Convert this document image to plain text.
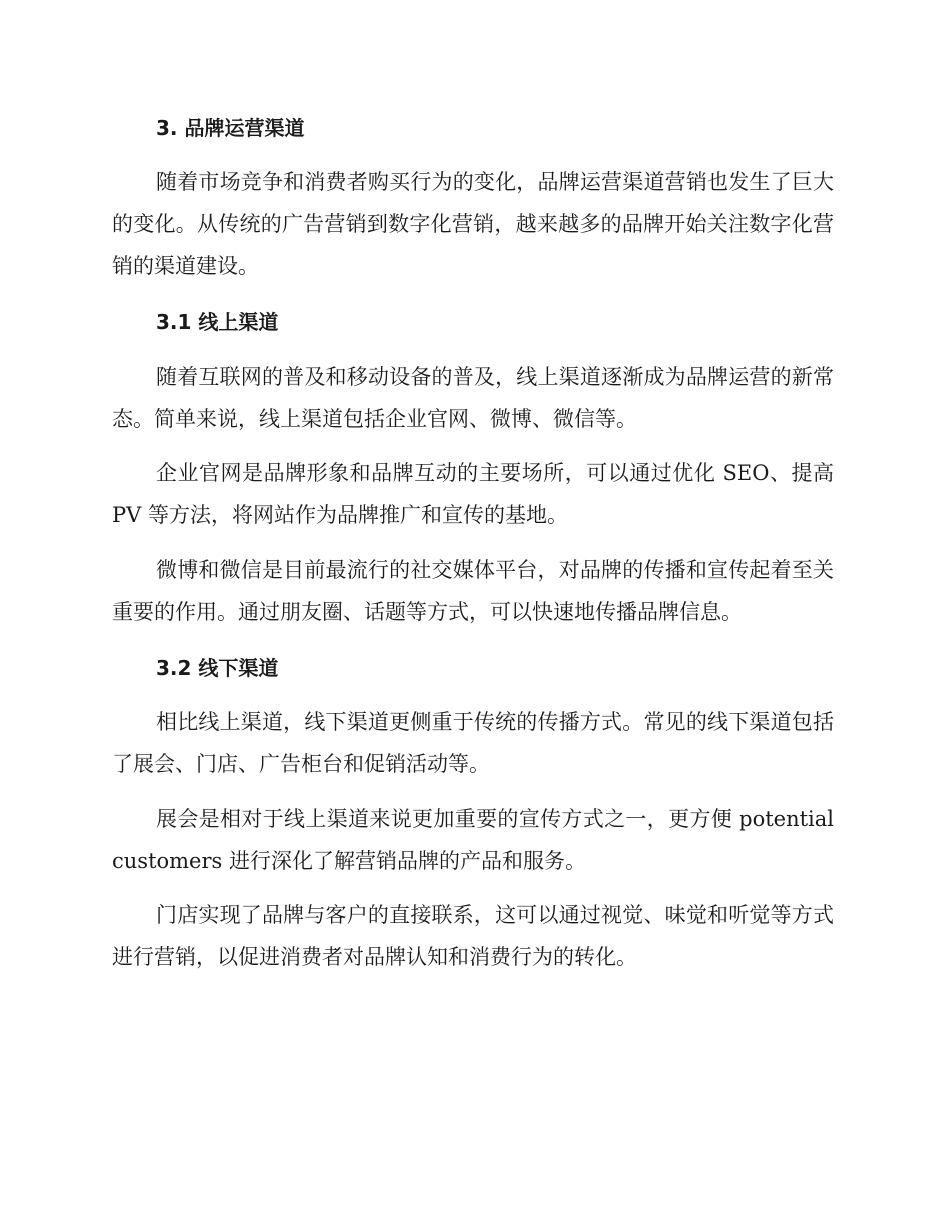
3. 品牌运营渠道

随着市场竞争和消费者购买行为的变化，品牌运营渠道营销也发生了巨大的变化。从传统的广告营销到数字化营销，越来越多的品牌开始关注数字化营销的渠道建设。

3.1 线上渠道

随着互联网的普及和移动设备的普及，线上渠道逐渐成为品牌运营的新常态。简单来说，线上渠道包括企业官网、微博、微信等。

企业官网是品牌形象和品牌互动的主要场所，可以通过优化 SEO、提高 PV 等方法，将网站作为品牌推广和宣传的基地。

微博和微信是目前最流行的社交媒体平台，对品牌的传播和宣传起着至关重要的作用。通过朋友圈、话题等方式，可以快速地传播品牌信息。

3.2 线下渠道

相比线上渠道，线下渠道更侧重于传统的传播方式。常见的线下渠道包括了展会、门店、广告柜台和促销活动等。

展会是相对于线上渠道来说更加重要的宣传方式之一，更方便 potential customers 进行深化了解营销品牌的产品和服务。

门店实现了品牌与客户的直接联系，这可以通过视觉、味觉和听觉等方式进行营销，以促进消费者对品牌认知和消费行为的转化。
